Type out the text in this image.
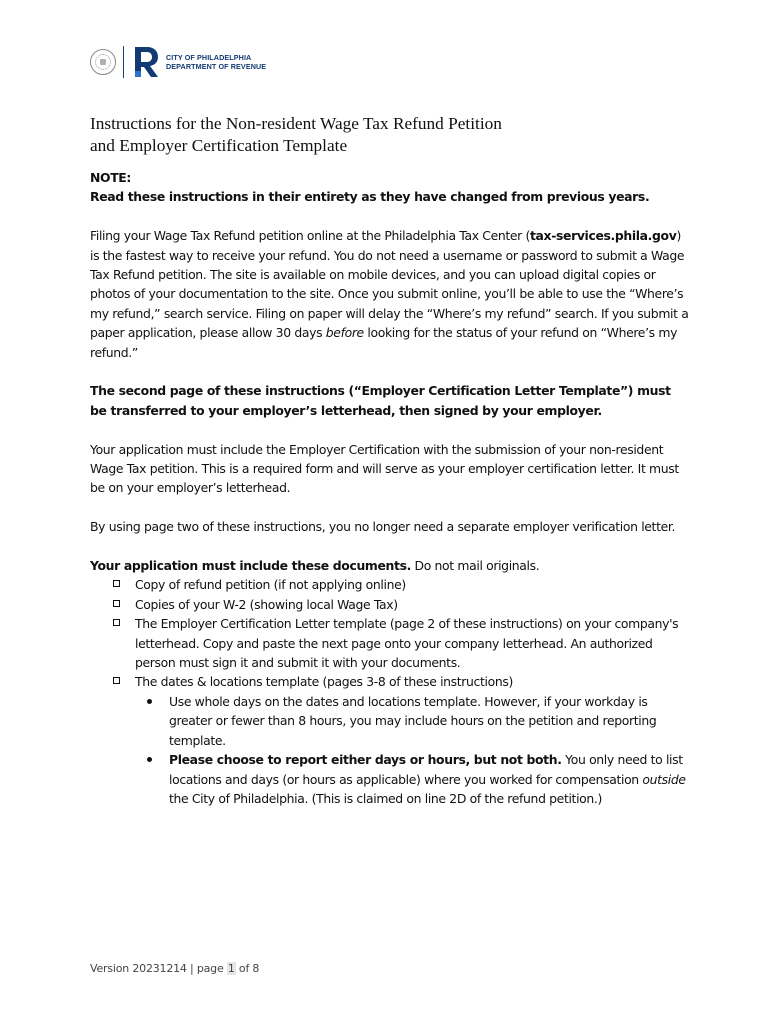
CITY OF PHILADELPHIA
DEPARTMENT OF REVENUE
Instructions for the Non-resident Wage Tax Refund Petition
and Employer Certification Template

NOTE:

Read these instructions in their entirety as they have changed from previous years.

Filing your Wage Tax Refund petition online at the Philadelphia Tax Center (tax-services.phila.gov) is the fastest way to receive your refund. You do not need a username or password to submit a Wage Tax Refund petition. The site is available on mobile devices, and you can upload digital copies or photos of your documentation to the site. Once you submit online, you’ll be able to use the “Where’s my refund,” search service. Filing on paper will delay the “Where’s my refund” search. If you submit a paper application, please allow 30 days before looking for the status of your refund on “Where’s my refund.”

The second page of these instructions (“Employer Certification Letter Template”) must be transferred to your employer’s letterhead, then signed by your employer.

Your application must include the Employer Certification with the submission of your non-resident Wage Tax petition. This is a required form and will serve as your employer certification letter. It must be on your employer’s letterhead.

By using page two of these instructions, you no longer need a separate employer verification letter.

Your application must include these documents. Do not mail originals.

Copy of refund petition (if not applying online)
Copies of your W-2 (showing local Wage Tax)
The Employer Certification Letter template (page 2 of these instructions) on your company's letterhead. Copy and paste the next page onto your company letterhead. An authorized person must sign it and submit it with your documents.
The dates & locations template (pages 3-8 of these instructions)
Use whole days on the dates and locations template. However, if your workday is greater or fewer than 8 hours, you may include hours on the petition and reporting template.
Please choose to report either days or hours, but not both. You only need to list locations and days (or hours as applicable) where you worked for compensation outside the City of Philadelphia. (This is claimed on line 2D of the refund petition.)
Version 20231214 | page 1 of 8
